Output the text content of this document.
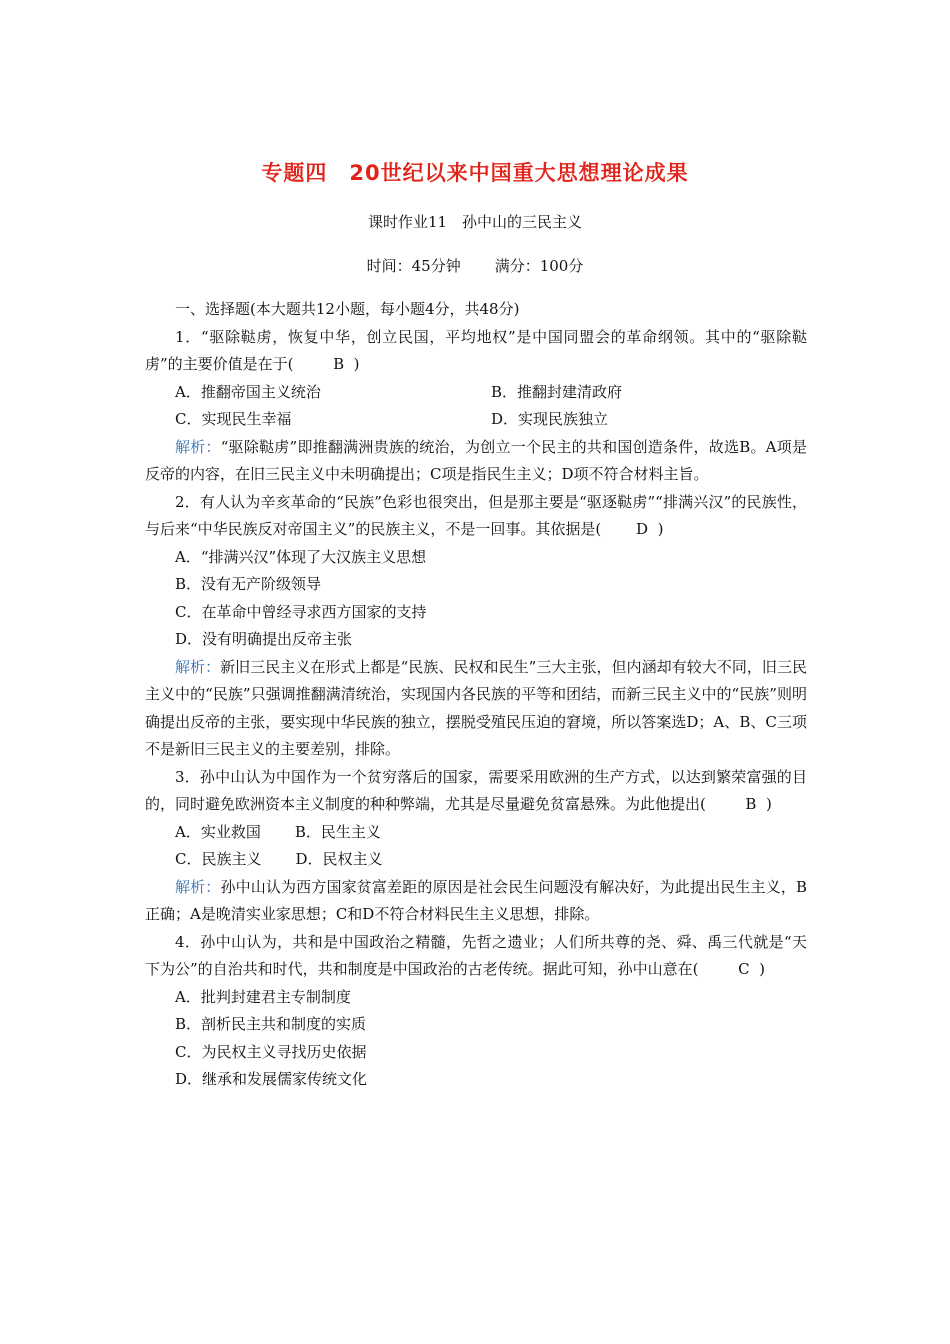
专题四　20世纪以来中国重大思想理论成果
课时作业11　孙中山的三民主义
时间：45分钟 满分：100分

一、选择题(本大题共12小题，每小题4分，共48分)

1．“驱除鞑虏，恢复中华，创立民国，平均地权”是中国同盟会的革命纲领。其中的“驱除鞑虏”的主要价值是在于(	B )

A．推翻帝国主义统治	B．推翻封建清政府
C．实现民生幸福	D．实现民族独立

解析：“驱除鞑虏”即推翻满洲贵族的统治，为创立一个民主的共和国创造条件，故选B。A项是反帝的内容，在旧三民主义中未明确提出；C项是指民生主义；D项不符合材料主旨。

2．有人认为辛亥革命的“民族”色彩也很突出，但是那主要是“驱逐鞑虏”“排满兴汉”的民族性，与后来“中华民族反对帝国主义”的民族主义，不是一回事。其依据是( D )

A．“排满兴汉”体现了大汉族主义思想

B．没有无产阶级领导

C．在革命中曾经寻求西方国家的支持

D．没有明确提出反帝主张

解析：新旧三民主义在形式上都是“民族、民权和民生”三大主张，但内涵却有较大不同，旧三民主义中的“民族”只强调推翻满清统治，实现国内各民族的平等和团结，而新三民主义中的“民族”则明确提出反帝的主张，要实现中华民族的独立，摆脱受殖民压迫的窘境，所以答案选D；A、B、C三项不是新旧三民主义的主要差别，排除。

3．孙中山认为中国作为一个贫穷落后的国家，需要采用欧洲的生产方式，以达到繁荣富强的目的，同时避免欧洲资本主义制度的种种弊端，尤其是尽量避免贫富悬殊。为此他提出(	B )

A．实业救国 B．民生主义
C．民族主义 D．民权主义

解析：孙中山认为西方国家贫富差距的原因是社会民生问题没有解决好，为此提出民生主义，B正确；A是晚清实业家思想；C和D不符合材料民生主义思想，排除。

4．孙中山认为，共和是中国政治之精髓，先哲之遗业；人们所共尊的尧、舜、禹三代就是“天下为公”的自治共和时代，共和制度是中国政治的古老传统。据此可知，孙中山意在(	C )

A．批判封建君主专制制度

B．剖析民主共和制度的实质

C．为民权主义寻找历史依据

D．继承和发展儒家传统文化
